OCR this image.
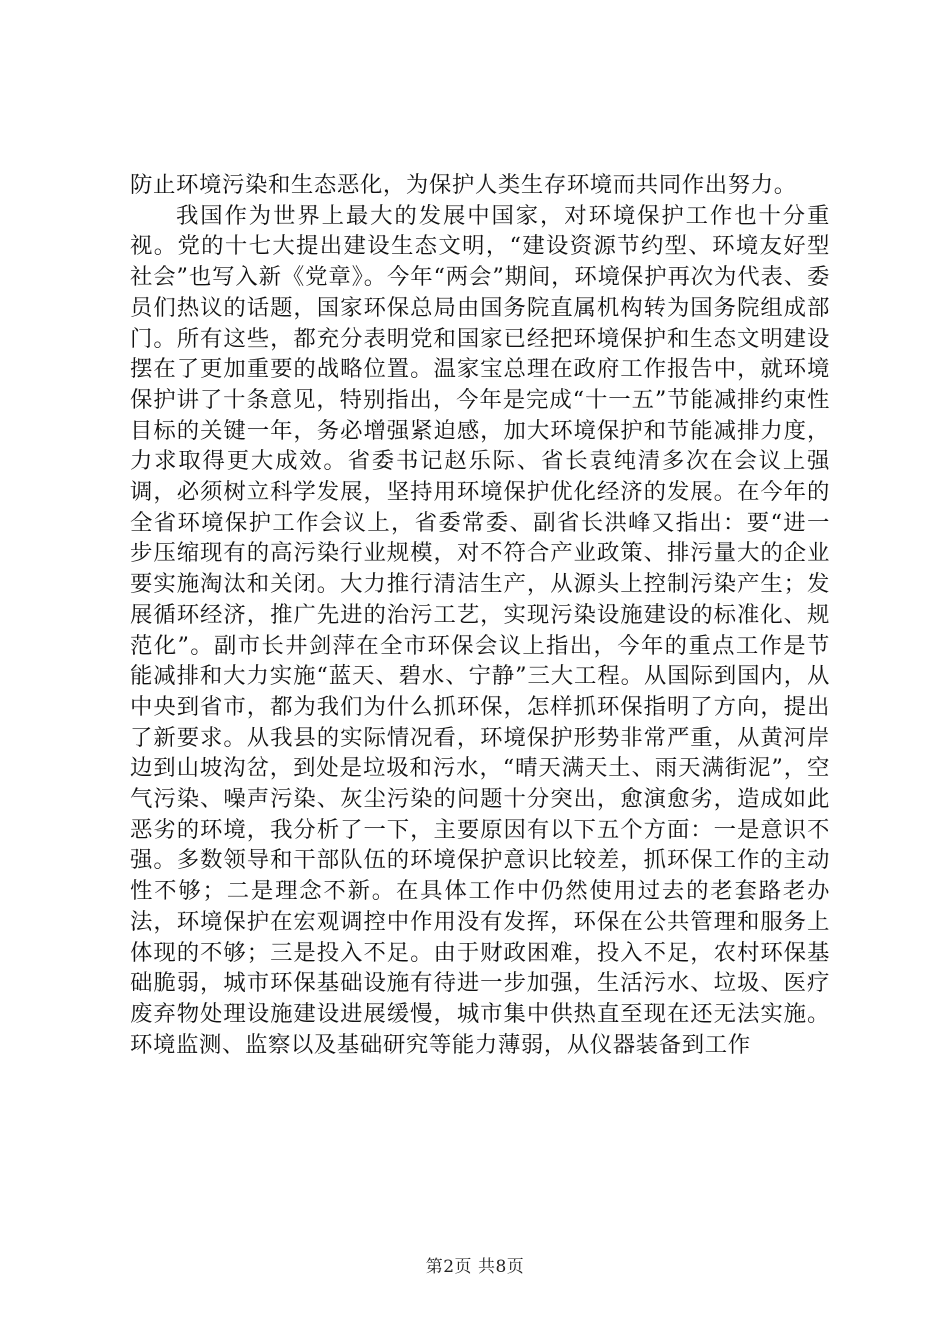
防止环境污染和生态恶化，为保护人类生存环境而共同作出努力。

我国作为世界上最大的发展中国家，对环境保护工作也十分重视。党的十七大提出建设生态文明，“建设资源节约型、环境友好型社会”也写入新《党章》。今年“两会”期间，环境保护再次为代表、委员们热议的话题，国家环保总局由国务院直属机构转为国务院组成部门。所有这些，都充分表明党和国家已经把环境保护和生态文明建设摆在了更加重要的战略位置。温家宝总理在政府工作报告中，就环境保护讲了十条意见，特别指出，今年是完成“十一五”节能减排约束性目标的关键一年，务必增强紧迫感，加大环境保护和节能减排力度，力求取得更大成效。省委书记赵乐际、省长袁纯清多次在会议上强调，必须树立科学发展，坚持用环境保护优化经济的发展。在今年的全省环境保护工作会议上，省委常委、副省长洪峰又指出：要“进一步压缩现有的高污染行业规模，对不符合产业政策、排污量大的企业要实施淘汰和关闭。大力推行清洁生产，从源头上控制污染产生；发展循环经济，推广先进的治污工艺，实现污染设施建设的标准化、规范化”。副市长井剑萍在全市环保会议上指出，今年的重点工作是节能减排和大力实施“蓝天、碧水、宁静”三大工程。从国际到国内，从中央到省市，都为我们为什么抓环保，怎样抓环保指明了方向，提出了新要求。从我县的实际情况看，环境保护形势非常严重，从黄河岸边到山坡沟岔，到处是垃圾和污水，“晴天满天土、雨天满街泥”，空气污染、噪声污染、灰尘污染的问题十分突出，愈演愈劣，造成如此恶劣的环境，我分析了一下，主要原因有以下五个方面：一是意识不强。多数领导和干部队伍的环境保护意识比较差，抓环保工作的主动性不够；二是理念不新。在具体工作中仍然使用过去的老套路老办法，环境保护在宏观调控中作用没有发挥，环保在公共管理和服务上体现的不够；三是投入不足。由于财政困难，投入不足，农村环保基础脆弱，城市环保基础设施有待进一步加强，生活污水、垃圾、医疗废弃物处理设施建设进展缓慢，城市集中供热直至现在还无法实施。环境监测、监察以及基础研究等能力薄弱，从仪器装备到工作

第2页 共8页
